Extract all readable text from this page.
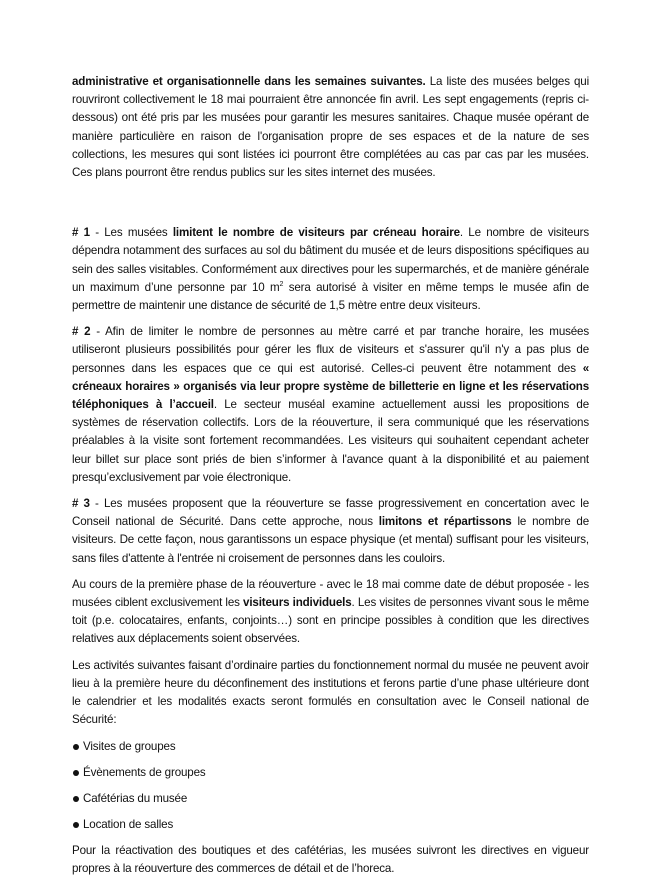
administrative et organisationnelle dans les semaines suivantes. La liste des musées belges qui rouvriront collectivement le 18 mai pourraient être annoncée fin avril. Les sept engagements (repris ci-dessous) ont été pris par les musées pour garantir les mesures sanitaires. Chaque musée opérant de manière particulière en raison de l'organisation propre de ses espaces et de la nature de ses collections, les mesures qui sont listées ici pourront être complétées au cas par cas par les musées. Ces plans pourront être rendus publics sur les sites internet des musées.

# 1 - Les musées limitent le nombre de visiteurs par créneau horaire. Le nombre de visiteurs dépendra notamment des surfaces au sol du bâtiment du musée et de leurs dispositions spécifiques au sein des salles visitables. Conformément aux directives pour les supermarchés, et de manière générale un maximum d’une personne par 10 $m^2$ sera autorisé à visiter en même temps le musée afin de permettre de maintenir une distance de sécurité de 1,5 mètre entre deux visiteurs.

# 2 - Afin de limiter le nombre de personnes au mètre carré et par tranche horaire, les musées utiliseront plusieurs possibilités pour gérer les flux de visiteurs et s'assurer qu'il n'y a pas plus de personnes dans les espaces que ce qui est autorisé. Celles-ci peuvent être notamment des « créneaux horaires » organisés via leur propre système de billetterie en ligne et les réservations téléphoniques à l’accueil. Le secteur muséal examine actuellement aussi les propositions de systèmes de réservation collectifs. Lors de la réouverture, il sera communiqué que les réservations préalables à la visite sont fortement recommandées. Les visiteurs qui souhaitent cependant acheter leur billet sur place sont priés de bien s’informer à l'avance quant à la disponibilité et au paiement presqu’exclusivement par voie électronique.

# 3 - Les musées proposent que la réouverture se fasse progressivement en concertation avec le Conseil national de Sécurité. Dans cette approche, nous limitons et répartissons le nombre de visiteurs. De cette façon, nous garantissons un espace physique (et mental) suffisant pour les visiteurs, sans files d'attente à l'entrée ni croisement de personnes dans les couloirs.

Au cours de la première phase de la réouverture - avec le 18 mai comme date de début proposée - les musées ciblent exclusivement les visiteurs individuels. Les visites de personnes vivant sous le même toit (p.e. colocataires, enfants, conjoints…) sont en principe possibles à condition que les directives relatives aux déplacements soient observées.

Les activités suivantes faisant d’ordinaire parties du fonctionnement normal du musée ne peuvent avoir lieu à la première heure du déconfinement des institutions et ferons partie d’une phase ultérieure dont le calendrier et les modalités exacts seront formulés en consultation avec le Conseil national de Sécurité:

Visites de groupes
Évènements de groupes
Cafétérias du musée
Location de salles

Pour la réactivation des boutiques et des cafétérias, les musées suivront les directives en vigueur propres à la réouverture des commerces de détail et de l’horeca.
